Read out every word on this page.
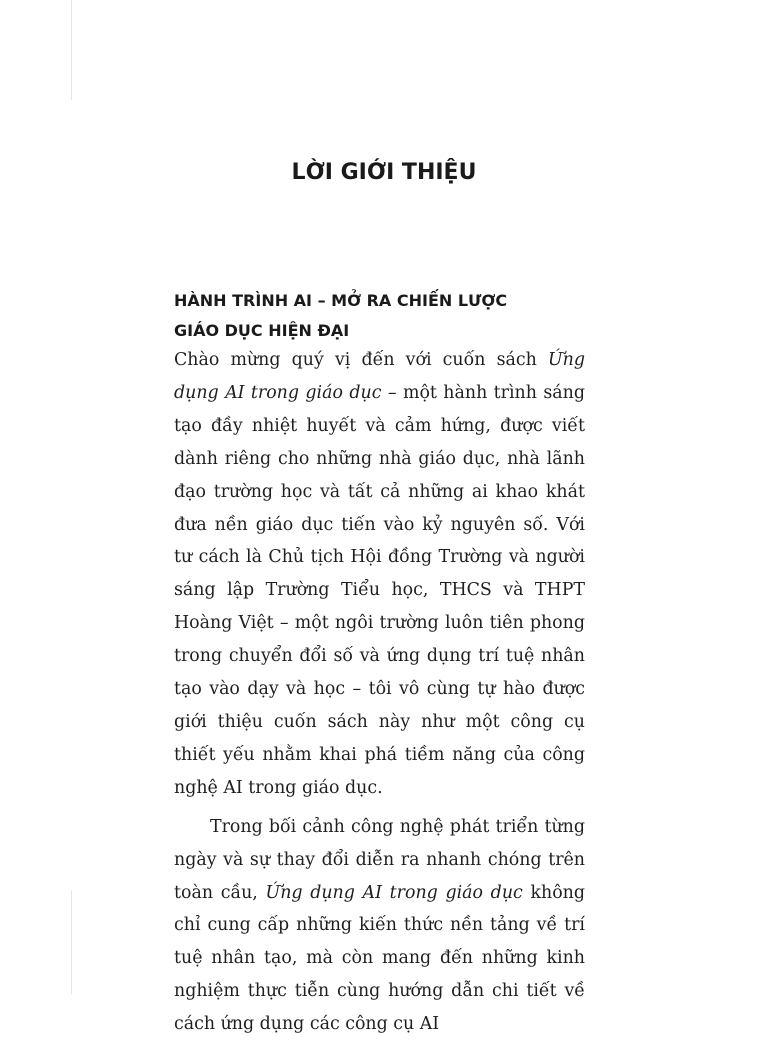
LỜI GIỚI THIỆU
HÀNH TRÌNH AI – MỞ RA CHIẾN LƯỢC
GIÁO DỤC HIỆN ĐẠI

Chào mừng quý vị đến với cuốn sách Ứng dụng AI trong giáo dục – một hành trình sáng tạo đầy nhiệt huyết và cảm hứng, được viết dành riêng cho những nhà giáo dục, nhà lãnh đạo trường học và tất cả những ai khao khát đưa nền giáo dục tiến vào kỷ nguyên số. Với tư cách là Chủ tịch Hội đồng Trường và người sáng lập Trường Tiểu học, THCS và THPT Hoàng Việt – một ngôi trường luôn tiên phong trong chuyển đổi số và ứng dụng trí tuệ nhân tạo vào dạy và học – tôi vô cùng tự hào được giới thiệu cuốn sách này như một công cụ thiết yếu nhằm khai phá tiềm năng của công nghệ AI trong giáo dục.

Trong bối cảnh công nghệ phát triển từng ngày và sự thay đổi diễn ra nhanh chóng trên toàn cầu, Ứng dụng AI trong giáo dục không chỉ cung cấp những kiến thức nền tảng về trí tuệ nhân tạo, mà còn mang đến những kinh nghiệm thực tiễn cùng hướng dẫn chi tiết về cách ứng dụng các công cụ AI
